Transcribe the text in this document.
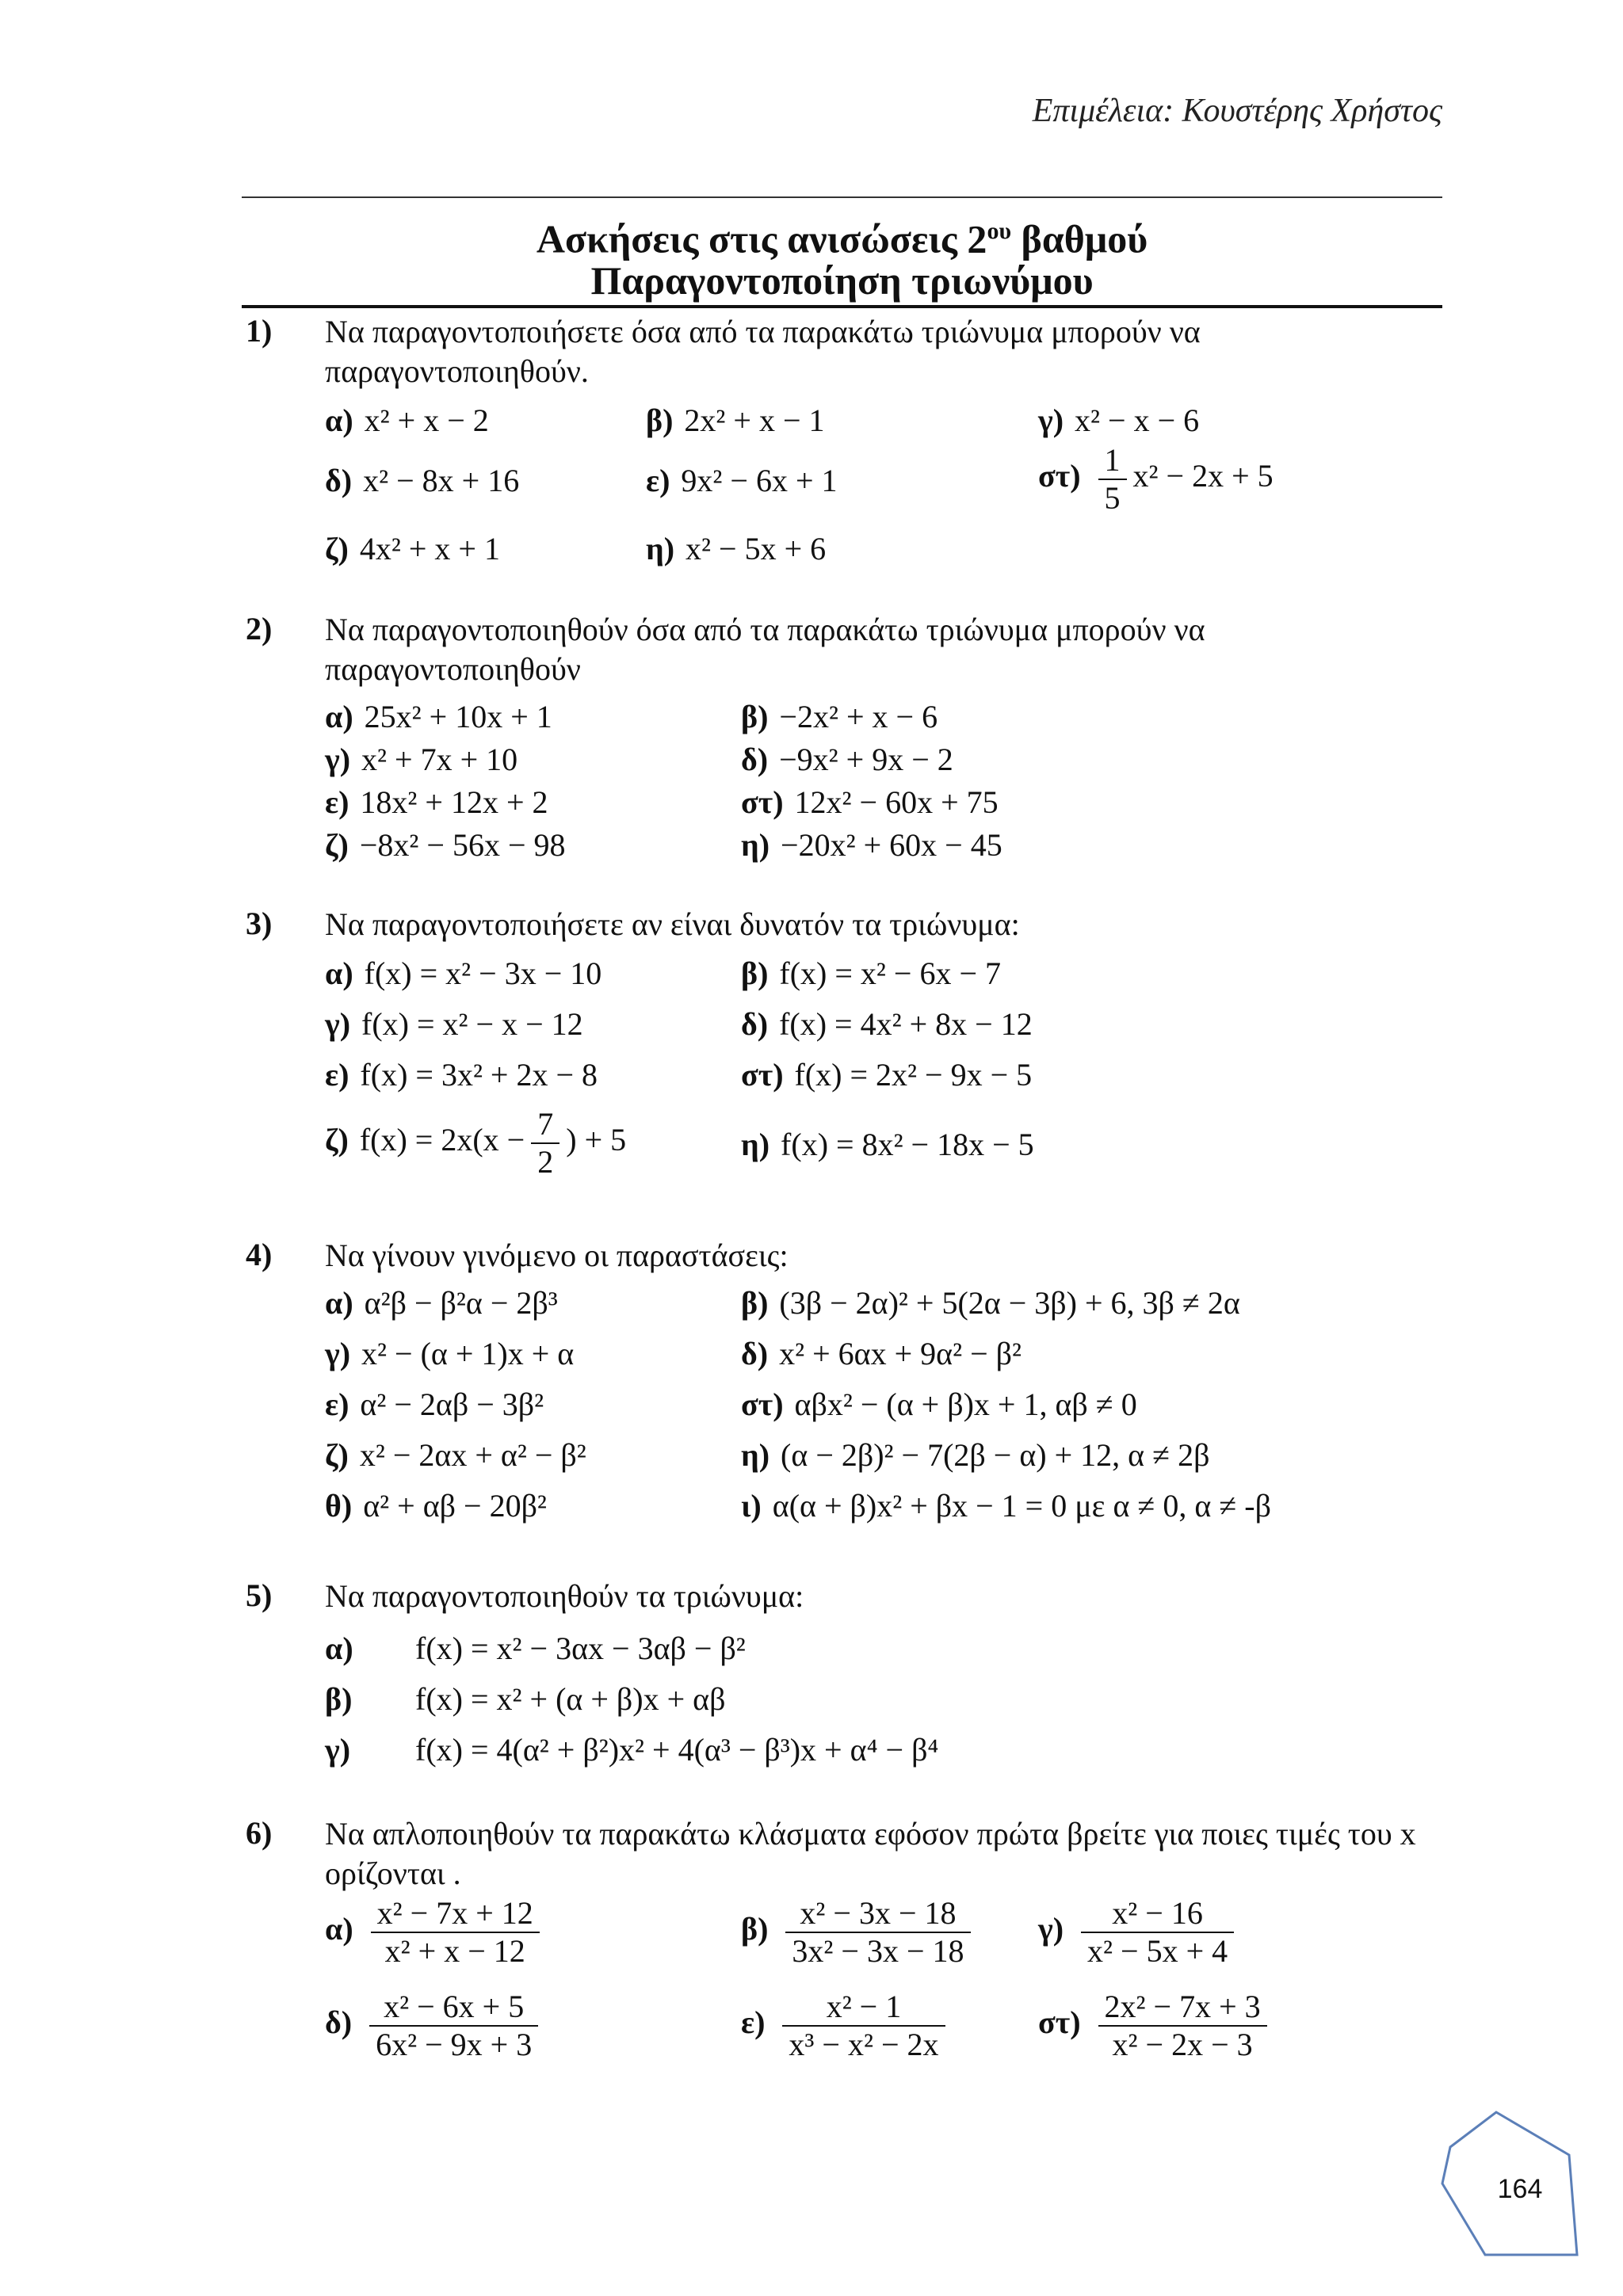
Επιμέλεια: Κουστέρης Χρήστος
Ασκήσεις στις ανισώσεις $2^{o\upsilon}$ βαθμού
Παραγοντοποίηση τριωνύμου
1) Να παραγοντοποιήσετε όσα από τα παρακάτω τριώνυμα μπορούν να παραγοντοποιηθούν.
α) x² + x − 2	β) 2x² + x − 1	γ) x² − x − 6
δ) x² − 8x + 16	ε) 9x² − 6x + 1	$\sigma\tau) \frac{1}{5} x^2 - 2x + 5$
ζ) 4x² + x + 1	η) x² − 5x + 6
2) Να παραγοντοποιηθούν όσα από τα παρακάτω τριώνυμα μπορούν να παραγοντοποιηθούν
α) 25x² + 10x + 1	β) −2x² + x − 6
γ) x² + 7x + 10	δ) −9x² + 9x − 2
ε) 18x² + 12x + 2	στ) 12x² − 60x + 75
ζ) −8x² − 56x − 98	η) −20x² + 60x − 45
3) Να παραγοντοποιήσετε αν είναι δυνατόν τα τριώνυμα:
α) f(x) = x² − 3x − 10	β) f(x) = x² − 6x − 7
γ) f(x) = x² − x − 12	δ) f(x) = 4x² + 8x − 12
ε) f(x) = 3x² + 2x − 8	στ) f(x) = 2x² − 9x − 5
ζ) $f(x) = 2x(x - \frac{7}{2}$ ) + 5	η) f(x) = 8x² − 18x − 5
4) Να γίνουν γινόμενο οι παραστάσεις:
α) α²β − β²α − 2β³	β) (3β − 2α)² + 5(2α − 3β) + 6, 3β ≠ 2α
γ) x² − (α + 1)x + α	δ) x² + 6αx + 9α² − β²
ε) α² − 2αβ − 3β²	στ) αβx² − (α + β)x + 1, αβ ≠ 0
ζ) x² − 2αx + α² − β²	η) (α − 2β)² − 7(2β − α) + 12, α ≠ 2β
θ) α² + αβ − 20β²	ι) α(α + β)x² + βx − 1 = 0 με α ≠ 0, α ≠ -β
5) Να παραγοντοποιηθούν τα τριώνυμα:
α) f(x) = x² − 3αx − 3αβ − β²
β) f(x) = x² + (α + β)x + αβ
γ) f(x) = 4(α² + β²)x² + 4(α³ − β³)x + α⁴ − β⁴
6) Να απλοποιηθούν τα παρακάτω κλάσματα εφόσον πρώτα βρείτε για ποιες τιμές του x ορίζονται .
$\alpha) \frac{\text{x² − 7x + 12}}{\text{x² + x − 12}}$	$\beta) \frac{\text{x² − 3x − 18}}{\text{3x² − 3x − 18}} \gamma) \frac{\text{x² − 16}}{\text{x² − 5x + 4}}$
$\delta) \frac{\text{x² − 6x + 5}}{\text{6x² − 9x + 3}}$	$\varepsilon) \frac{\text{x² − 1}}{\text{x³ − x² − 2x}}$	$\sigma\tau) \frac{\text{2x² − 7x + 3}}{\text{x² − 2x − 3}}$
164
